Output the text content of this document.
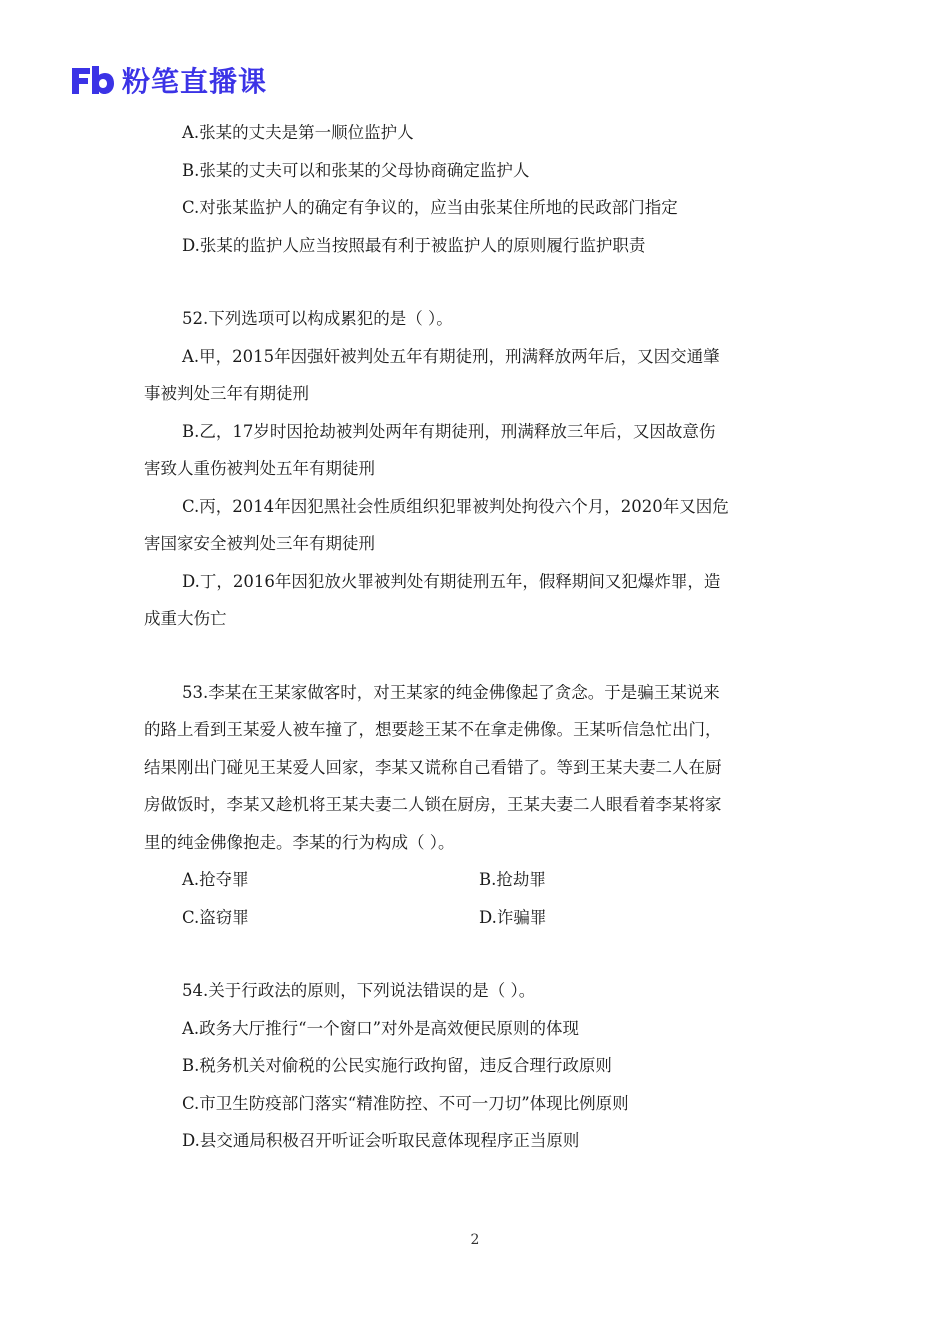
粉笔直播课
A.张某的丈夫是第一顺位监护人
B.张某的丈夫可以和张某的父母协商确定监护人
C.对张某监护人的确定有争议的，应当由张某住所地的民政部门指定
D.张某的监护人应当按照最有利于被监护人的原则履行监护职责
52.下列选项可以构成累犯的是（ ）。
A.甲，2015年因强奸被判处五年有期徒刑，刑满释放两年后，又因交通肇
事被判处三年有期徒刑
B.乙，17岁时因抢劫被判处两年有期徒刑，刑满释放三年后，又因故意伤
害致人重伤被判处五年有期徒刑
C.丙，2014年因犯黑社会性质组织犯罪被判处拘役六个月，2020年又因危
害国家安全被判处三年有期徒刑
D.丁，2016年因犯放火罪被判处有期徒刑五年，假释期间又犯爆炸罪，造
成重大伤亡
53.李某在王某家做客时，对王某家的纯金佛像起了贪念。于是骗王某说来
的路上看到王某爱人被车撞了，想要趁王某不在拿走佛像。王某听信急忙出门，
结果刚出门碰见王某爱人回家，李某又谎称自己看错了。等到王某夫妻二人在厨
房做饭时，李某又趁机将王某夫妻二人锁在厨房，王某夫妻二人眼看着李某将家
里的纯金佛像抱走。李某的行为构成（ ）。
A.抢夺罪	B.抢劫罪
C.盗窃罪	D.诈骗罪
54.关于行政法的原则，下列说法错误的是（ ）。
A.政务大厅推行“一个窗口”对外是高效便民原则的体现
B.税务机关对偷税的公民实施行政拘留，违反合理行政原则
C.市卫生防疫部门落实“精准防控、不可一刀切”体现比例原则
D.县交通局积极召开听证会听取民意体现程序正当原则
2
